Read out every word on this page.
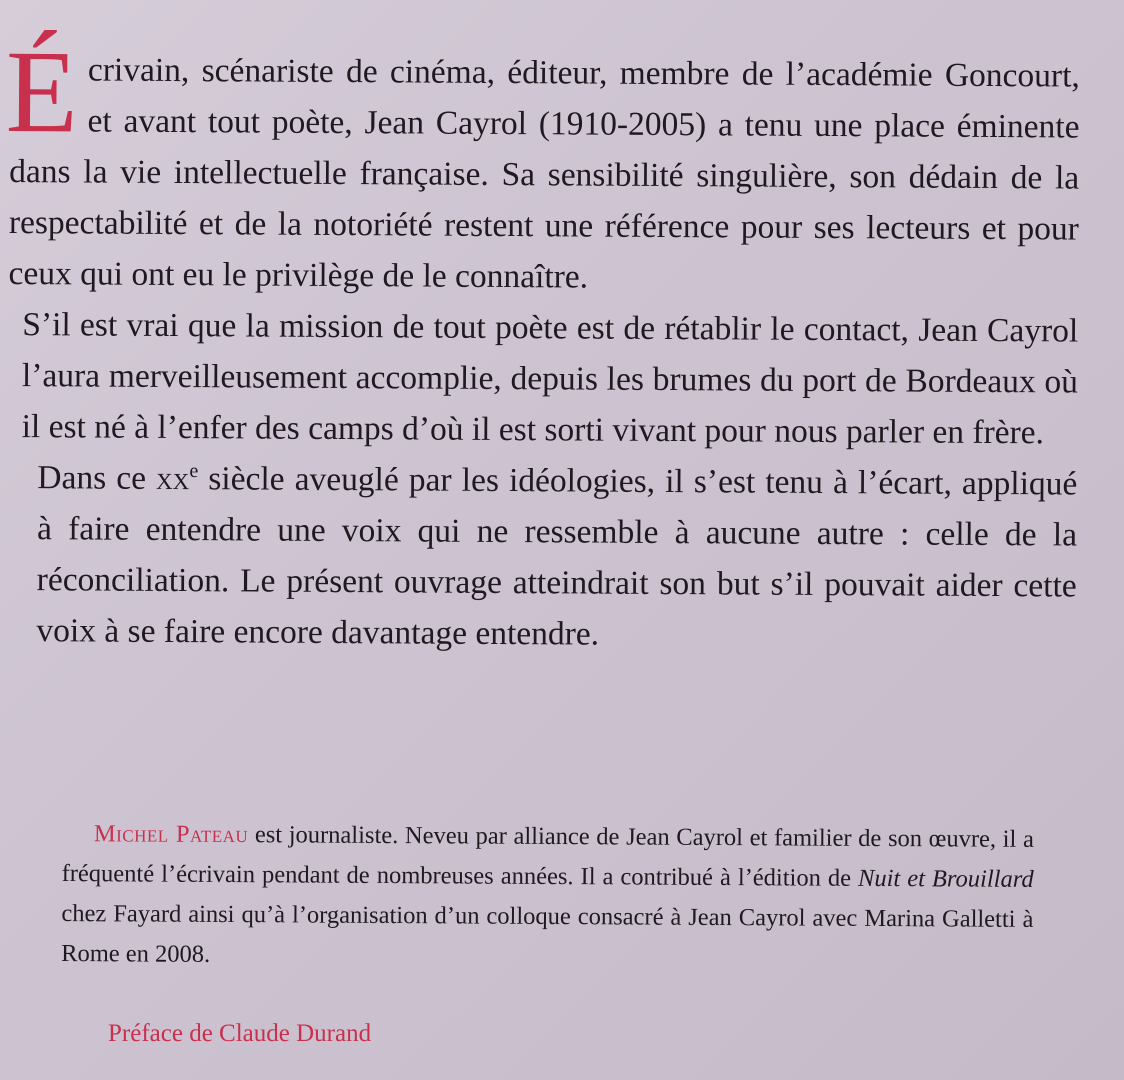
Écrivain, scénariste de cinéma, éditeur, membre de l’académie Goncourt, et avant tout poète, Jean Cayrol (1910-2005) a tenu une place éminente dans la vie intellectuelle française. Sa sensibilité singulière, son dédain de la respectabilité et de la notoriété restent une référence pour ses lecteurs et pour ceux qui ont eu le privilège de le connaître.

S’il est vrai que la mission de tout poète est de rétablir le contact, Jean Cayrol l’aura merveilleusement accomplie, depuis les brumes du port de Bordeaux où il est né à l’enfer des camps d’où il est sorti vivant pour nous parler en frère.

Dans ce $xx^e$ siècle aveuglé par les idéologies, il s’est tenu à l’écart, appliqué à faire entendre une voix qui ne ressemble à aucune autre : celle de la réconciliation. Le présent ouvrage atteindrait son but s’il pouvait aider cette voix à se faire encore davantage entendre.

Michel Pateau est journaliste. Neveu par alliance de Jean Cayrol et familier de son œuvre, il a fréquenté l’écrivain pendant de nombreuses années. Il a contribué à l’édition de Nuit et Brouillard chez Fayard ainsi qu’à l’organisation d’un colloque consacré à Jean Cayrol avec Marina Galletti à Rome en 2008.
Préface de Claude Durand
